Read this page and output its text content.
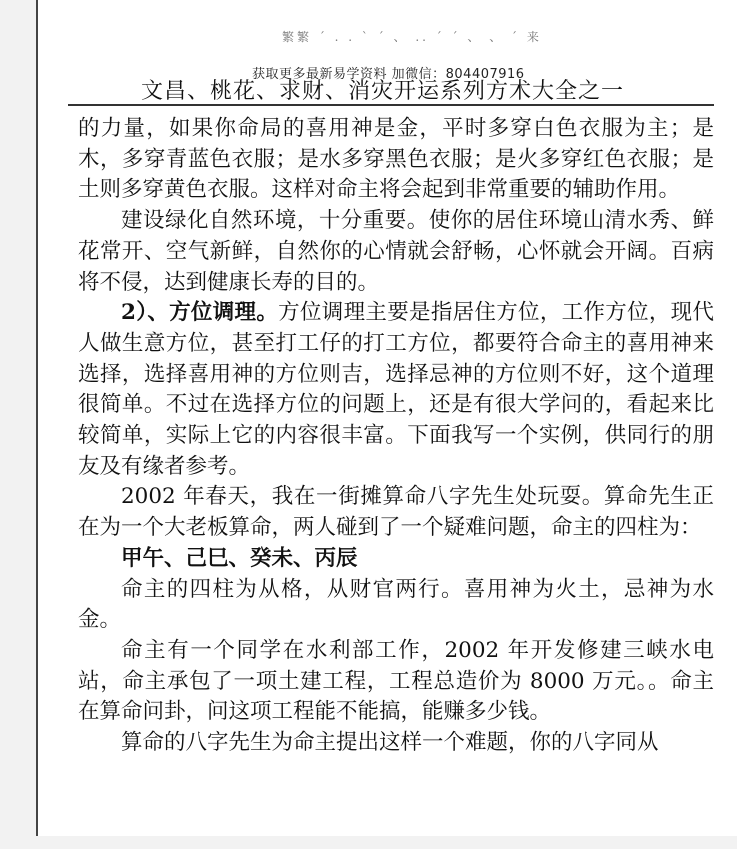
繁繁 ˊ . . ˋ ˊ 、 .. ˊ ˊ 、 、 ˊ 来
获取更多最新易学资料 加微信：804407916
文昌、桃花、求财、消灾开运系列方术大全之一

的力量，如果你命局的喜用神是金，平时多穿白色衣服为主；是木，多穿青蓝色衣服；是水多穿黑色衣服；是火多穿红色衣服；是土则多穿黄色衣服。这样对命主将会起到非常重要的辅助作用。

建设绿化自然环境，十分重要。使你的居住环境山清水秀、鲜花常开、空气新鲜，自然你的心情就会舒畅，心怀就会开阔。百病将不侵，达到健康长寿的目的。

2）、方位调理。方位调理主要是指居住方位，工作方位，现代人做生意方位，甚至打工仔的打工方位，都要符合命主的喜用神来选择，选择喜用神的方位则吉，选择忌神的方位则不好，这个道理很简单。不过在选择方位的问题上，还是有很大学问的，看起来比较简单，实际上它的内容很丰富。下面我写一个实例，供同行的朋友及有缘者参考。

2002 年春天，我在一街摊算命八字先生处玩耍。算命先生正在为一个大老板算命，两人碰到了一个疑难问题，命主的四柱为：

甲午、己巳、癸未、丙辰

命主的四柱为从格，从财官两行。喜用神为火土，忌神为水金。

命主有一个同学在水利部工作，2002 年开发修建三峡水电站，命主承包了一项土建工程，工程总造价为 8000 万元。。命主在算命问卦，问这项工程能不能搞，能赚多少钱。

算命的八字先生为命主提出这样一个难题，你的八字同从
